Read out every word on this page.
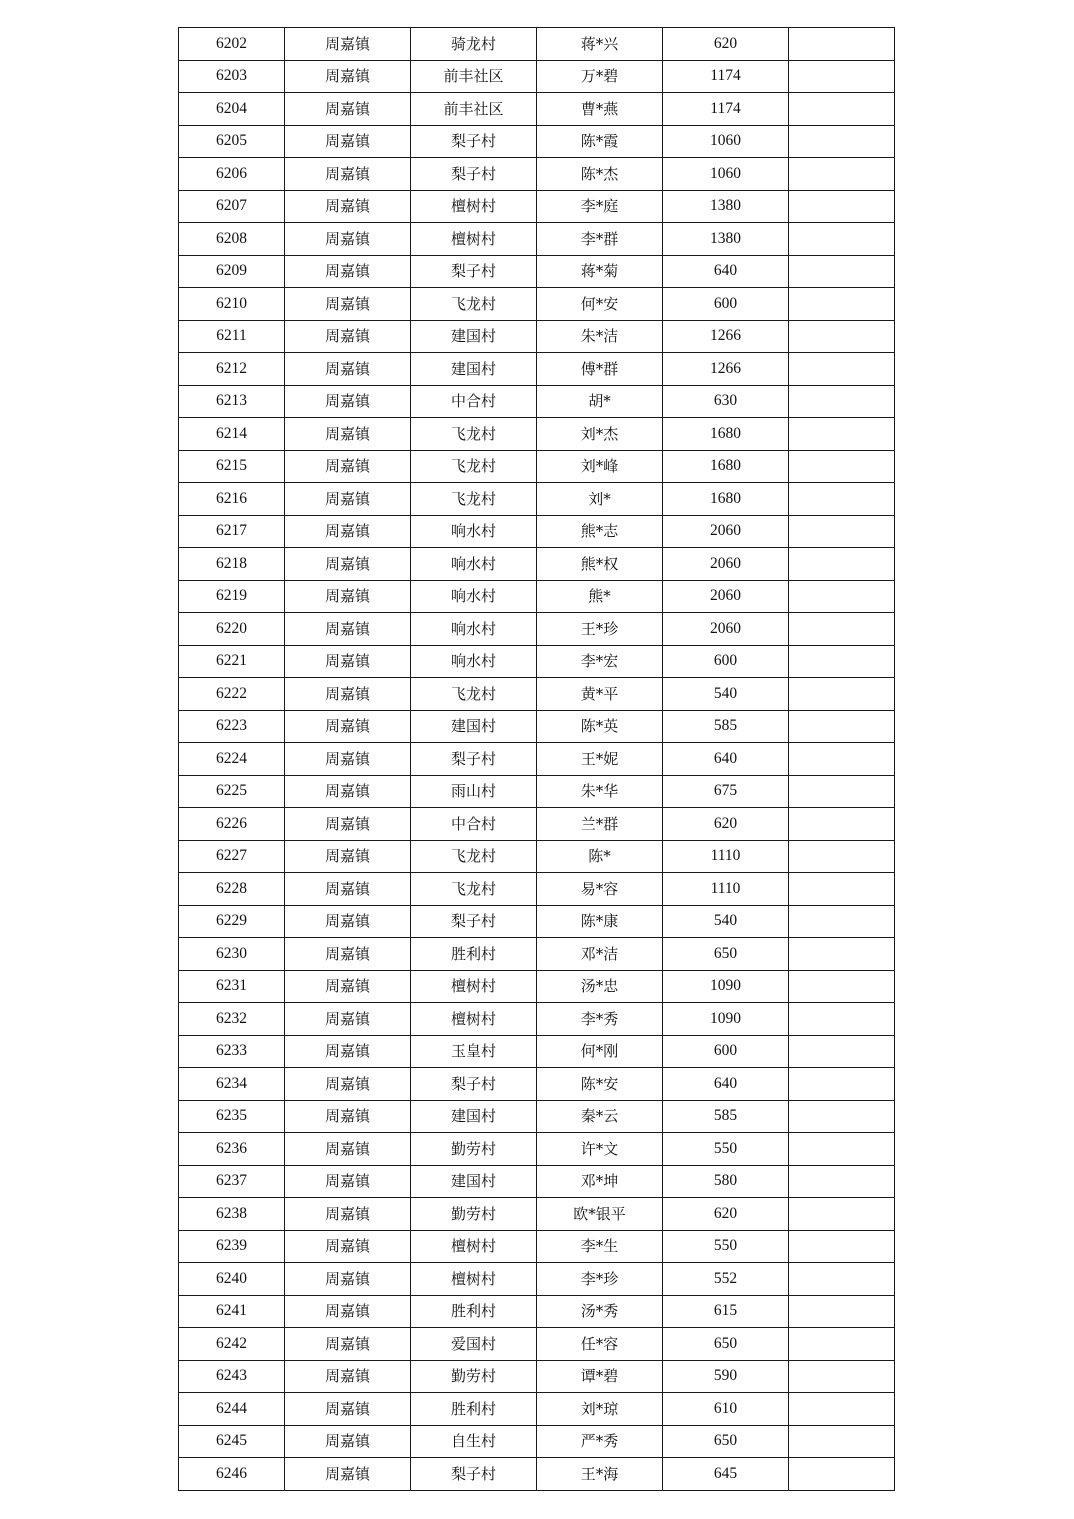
6202	周嘉镇	骑龙村	蒋*兴	620	
6203	周嘉镇	前丰社区	万*碧	1174	
6204	周嘉镇	前丰社区	曹*燕	1174	
6205	周嘉镇	梨子村	陈*霞	1060	
6206	周嘉镇	梨子村	陈*杰	1060	
6207	周嘉镇	檀树村	李*庭	1380	
6208	周嘉镇	檀树村	李*群	1380	
6209	周嘉镇	梨子村	蒋*菊	640	
6210	周嘉镇	飞龙村	何*安	600	
6211	周嘉镇	建国村	朱*洁	1266	
6212	周嘉镇	建国村	傅*群	1266	
6213	周嘉镇	中合村	胡*	630	
6214	周嘉镇	飞龙村	刘*杰	1680	
6215	周嘉镇	飞龙村	刘*峰	1680	
6216	周嘉镇	飞龙村	刘*	1680	
6217	周嘉镇	响水村	熊*志	2060	
6218	周嘉镇	响水村	熊*权	2060	
6219	周嘉镇	响水村	熊*	2060	
6220	周嘉镇	响水村	王*珍	2060	
6221	周嘉镇	响水村	李*宏	600	
6222	周嘉镇	飞龙村	黄*平	540	
6223	周嘉镇	建国村	陈*英	585	
6224	周嘉镇	梨子村	王*妮	640	
6225	周嘉镇	雨山村	朱*华	675	
6226	周嘉镇	中合村	兰*群	620	
6227	周嘉镇	飞龙村	陈*	1110	
6228	周嘉镇	飞龙村	易*容	1110	
6229	周嘉镇	梨子村	陈*康	540	
6230	周嘉镇	胜利村	邓*洁	650	
6231	周嘉镇	檀树村	汤*忠	1090	
6232	周嘉镇	檀树村	李*秀	1090	
6233	周嘉镇	玉皇村	何*刚	600	
6234	周嘉镇	梨子村	陈*安	640	
6235	周嘉镇	建国村	秦*云	585	
6236	周嘉镇	勤劳村	许*文	550	
6237	周嘉镇	建国村	邓*坤	580	
6238	周嘉镇	勤劳村	欧*银平	620	
6239	周嘉镇	檀树村	李*生	550	
6240	周嘉镇	檀树村	李*珍	552	
6241	周嘉镇	胜利村	汤*秀	615	
6242	周嘉镇	爱国村	任*容	650	
6243	周嘉镇	勤劳村	谭*碧	590	
6244	周嘉镇	胜利村	刘*琼	610	
6245	周嘉镇	自生村	严*秀	650	
6246	周嘉镇	梨子村	王*海	645	
